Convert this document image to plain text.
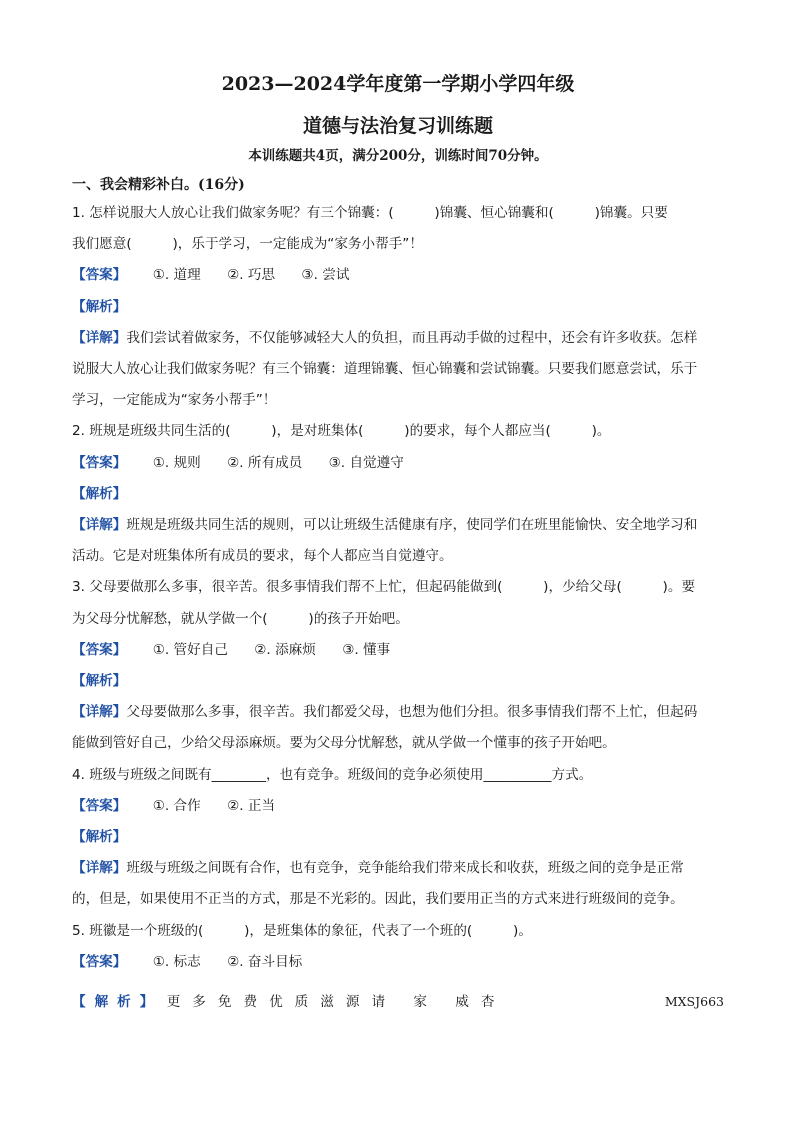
2023—2024学年度第一学期小学四年级

道德与法治复习训练题

本训练题共4页，满分200分，训练时间70分钟。

一、我会精彩补白。(16分)

1. 怎样说服大人放心让我们做家务呢？有三个锦囊：(　　　)锦囊、恒心锦囊和(　　　)锦囊。只要

我们愿意(　　　)，乐于学习，一定能成为“家务小帮手”！

【答案】 ①. 道理 ②. 巧思 ③. 尝试

【解析】

【详解】我们尝试着做家务，不仅能够减轻大人的负担，而且再动手做的过程中，还会有许多收获。怎样

说服大人放心让我们做家务呢？有三个锦囊：道理锦囊、恒心锦囊和尝试锦囊。只要我们愿意尝试，乐于

学习，一定能成为“家务小帮手”！

2. 班规是班级共同生活的(　　　)，是对班集体(　　　)的要求，每个人都应当(　　　)。

【答案】 ①. 规则 ②. 所有成员 ③. 自觉遵守

【解析】

【详解】班规是班级共同生活的规则，可以让班级生活健康有序，使同学们在班里能愉快、安全地学习和

活动。它是对班集体所有成员的要求，每个人都应当自觉遵守。

3. 父母要做那么多事，很辛苦。很多事情我们帮不上忙，但起码能做到(　　　)，少给父母(　　　)。要

为父母分忧解愁，就从学做一个(　　　)的孩子开始吧。

【答案】 ①. 管好自己 ②. 添麻烦 ③. 懂事

【解析】

【详解】父母要做那么多事，很辛苦。我们都爱父母，也想为他们分担。很多事情我们帮不上忙，但起码

能做到管好自己，少给父母添麻烦。要为父母分忧解愁，就从学做一个懂事的孩子开始吧。

4. 班级与班级之间既有________，也有竞争。班级间的竞争必须使用__________方式。

【答案】 ①. 合作 ②. 正当

【解析】

【详解】班级与班级之间既有合作，也有竞争，竞争能给我们带来成长和收获，班级之间的竞争是正常

的，但是，如果使用不正当的方式，那是不光彩的。因此，我们要用正当的方式来进行班级间的竞争。

5. 班徽是一个班级的(　　　)，是班集体的象征，代表了一个班的(　　　)。

【答案】 ①. 标志 ②. 奋斗目标

【解析】 更多免费优质滋源请 家 威杏	MXSJ663
